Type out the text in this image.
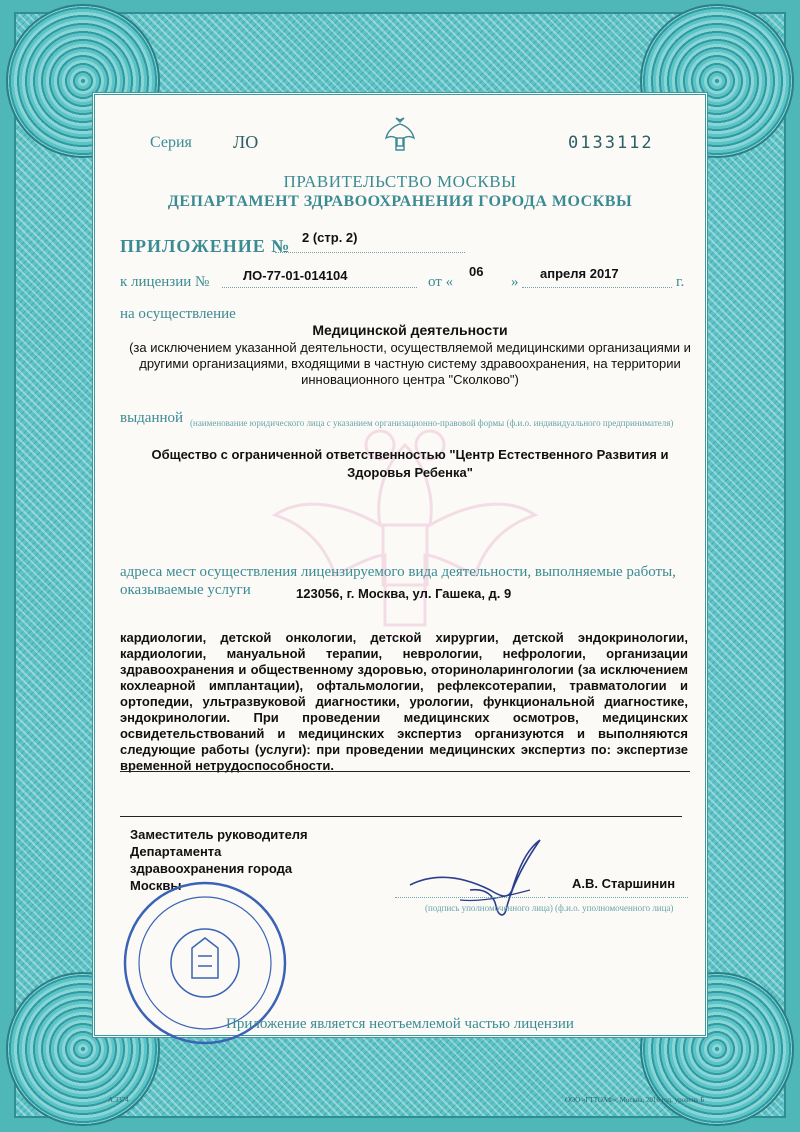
Серия ЛО	0133112
ПРАВИТЕЛЬСТВО МОСКВЫ
ДЕПАРТАМЕНТ ЗДРАВООХРАНЕНИЯ ГОРОДА МОСКВЫ
ПРИЛОЖЕНИЕ № 2 (стр. 2)
к лицензии №	ЛО-77-01-014104	от «
06
»
апреля 2017
г.
на осуществление
Медицинской деятельности
(за исключением указанной деятельности, осуществляемой медицинскими организациями и другими организациями, входящими в частную систему здравоохранения, на территории инновационного центра "Сколково")
выданной (наименование юридического лица с указанием организационно-правовой формы (ф.и.о. индивидуального предпринимателя)
Общество с ограниченной ответственностью "Центр Естественного Развития и Здоровья Ребенка"
адреса мест осуществления лицензируемого вида деятельности, выполняемые работы,
оказываемые услуги	123056, г. Москва, ул. Гашека, д. 9
кардиологии, детской онкологии, детской хирургии, детской эндокринологии, кардиологии, мануальной терапии, неврологии, нефрологии, организации здравоохранения и общественному здоровью, оториноларингологии (за исключением кохлеарной имплантации), офтальмологии, рефлексотерапии, травматологии и ортопедии, ультразвуковой диагностики, урологии, функциональной диагностике, эндокринологии. При проведении медицинских осмотров, медицинских освидетельствований и медицинских экспертиз организуются и выполняются следующие работы (услуги): при проведении медицинских экспертиз по: экспертизе временной нетрудоспособности.
Заместитель руководителя
Департамента
здравоохранения города
Москвы	А.В. Старшинин
(подпись уполномоченного лица) (ф.и.о. уполномоченного лица)
Приложение является неотъемлемой частью лицензии
А.3374	ООО «ГТТОАФ», Москва, 2016 год, уровень Б
